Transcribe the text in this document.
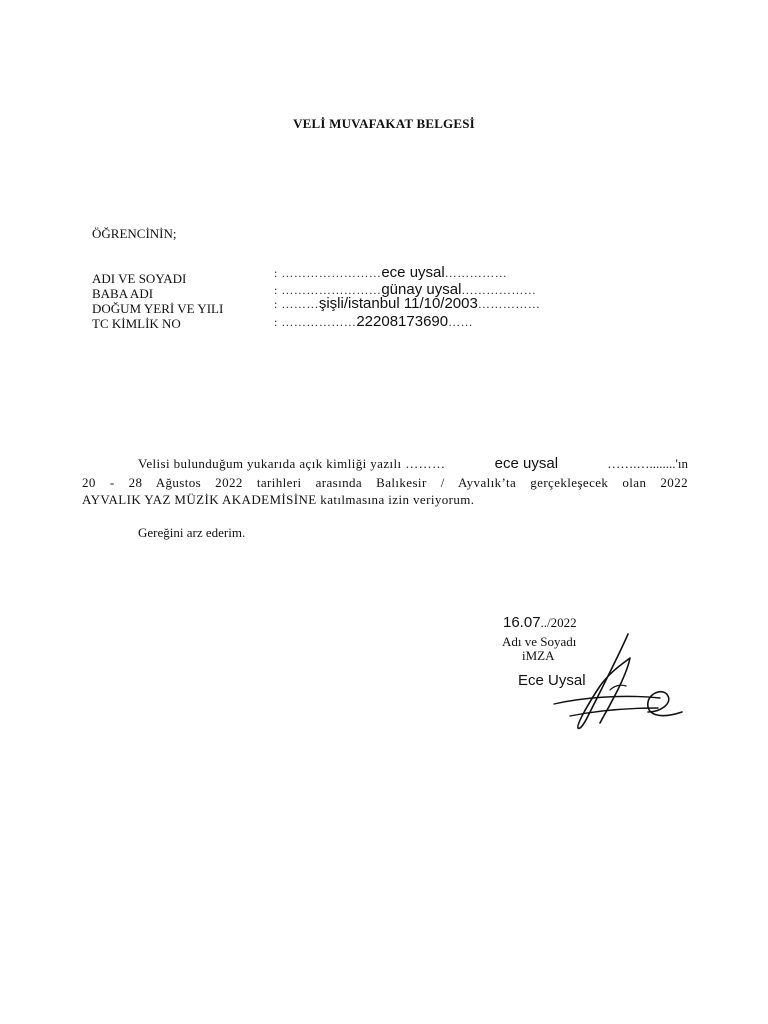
VELİ MUVAFAKAT BELGESİ
ÖĞRENCİNİN;
ADI VE SOYADI
BABA ADI
DOĞUM YERİ VE YILI
TC KİMLİK NO
: ……………………ece uysal……………
: ……………………günay uysal………………
: ………şişli/istanbul 11/10/2003……………
: ………………22208173690……
Velisi bulunduğum yukarıda açık kimliği yazılı ………	ece uysal	…….…........'ın
20 - 28 Ağustos 2022 tarihleri arasında Balıkesir / Ayvalık’ta gerçekleşecek olan 2022
AYVALIK YAZ MÜZİK AKADEMİSİNE katılmasına izin veriyorum.
Gereğini arz ederim.
16.07../2022
Adı ve Soyadı
iMZA
Ece Uysal
